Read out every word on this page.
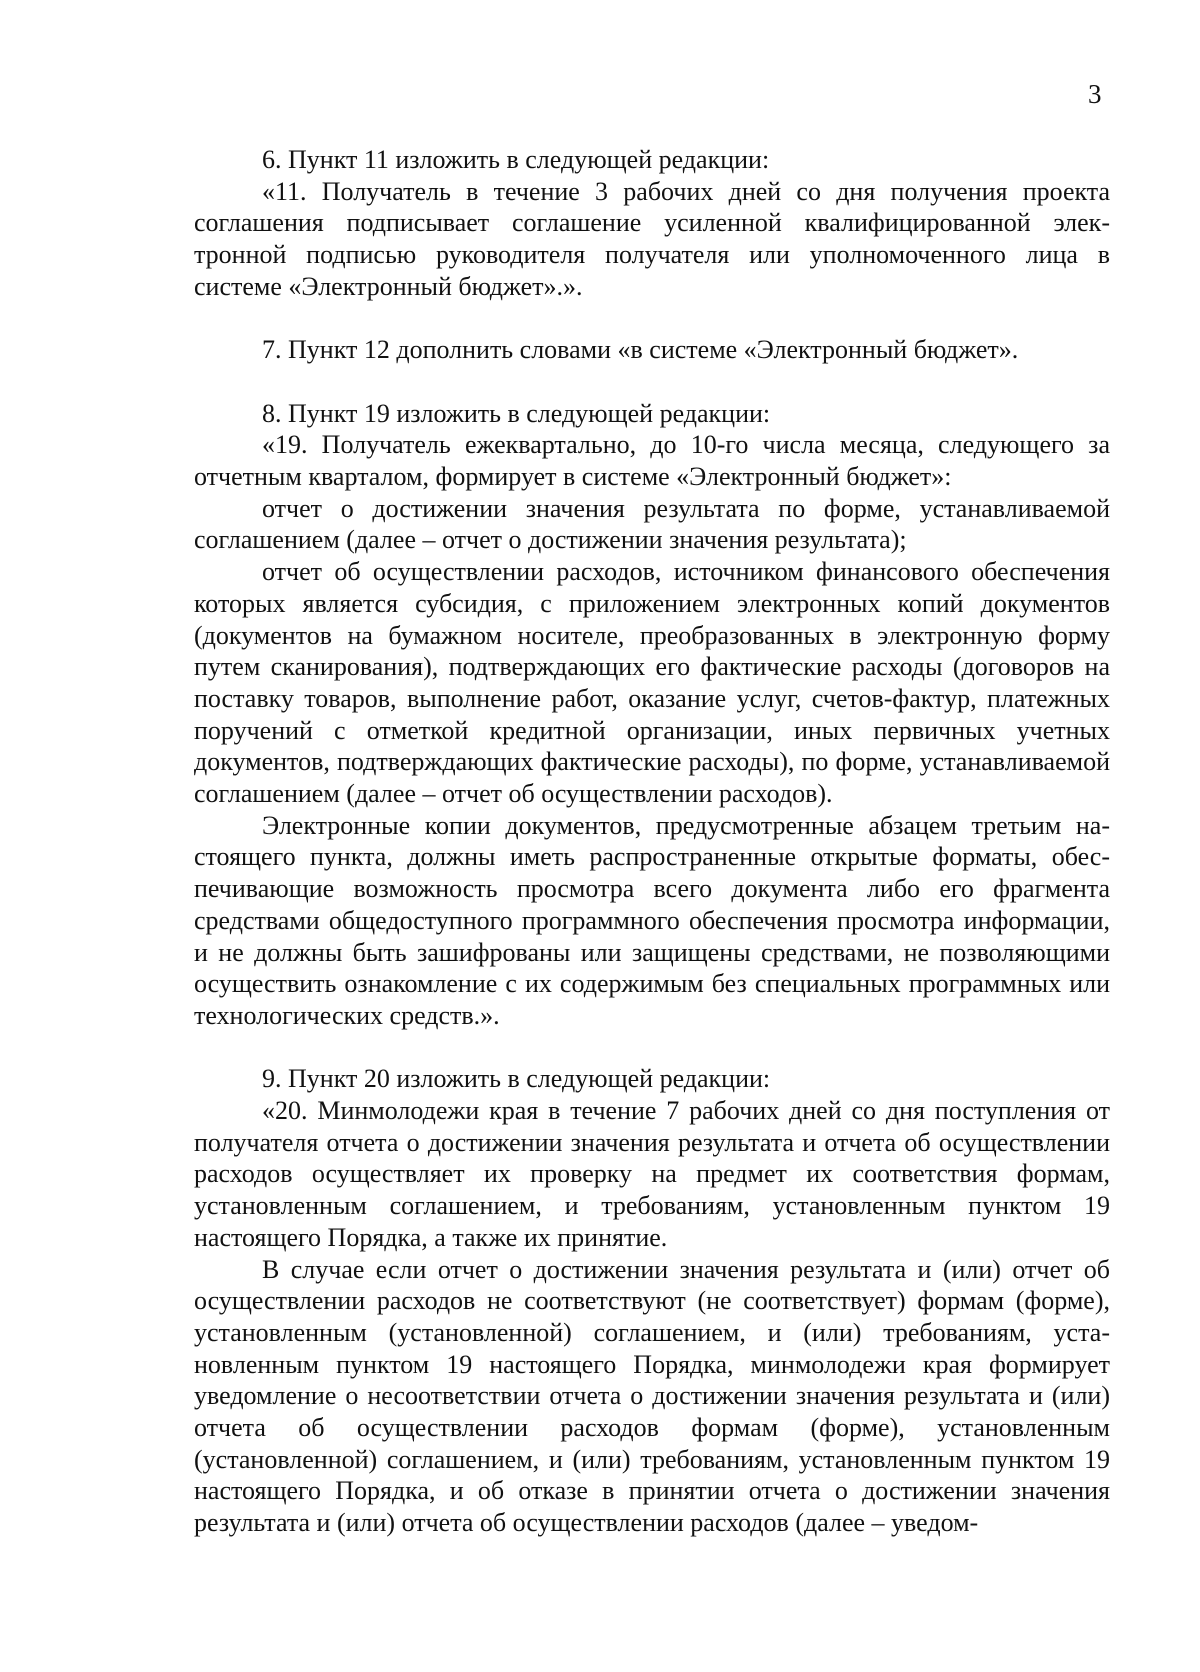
3

6. Пункт 11 изложить в следующей редакции:

«11. Получатель в течение 3 рабочих дней со дня получения проекта соглашения подписывает соглашение усиленной квалифицированной электронной подписью руководителя получателя или уполномоченного лица в системе «Электронный бюджет».».

7. Пункт 12 дополнить словами «в системе «Электронный бюджет».

8. Пункт 19 изложить в следующей редакции:

«19. Получатель ежеквартально, до 10-го числа месяца, следующего за отчетным кварталом, формирует в системе «Электронный бюджет»:

отчет о достижении значения результата по форме, устанавливаемой соглашением (далее – отчет о достижении значения результата);

отчет об осуществлении расходов, источником финансового обеспечения которых является субсидия, с приложением электронных копий документов (документов на бумажном носителе, преобразованных в электронную форму путем сканирования), подтверждающих его фактические расходы (договоров на поставку товаров, выполнение работ, оказание услуг, счетов-фактур, платежных поручений с отметкой кредитной организации, иных первичных учетных документов, подтверждающих фактические расходы), по форме, устанавливаемой соглашением (далее – отчет об осуществлении расходов).

Электронные копии документов, предусмотренные абзацем третьим настоящего пункта, должны иметь распространенные открытые форматы, обеспечивающие возможность просмотра всего документа либо его фрагмента средствами общедоступного программного обеспечения просмотра информации, и не должны быть зашифрованы или защищены средствами, не позволяющими осуществить ознакомление с их содержимым без специальных программных или технологических средств.».

9. Пункт 20 изложить в следующей редакции:

«20. Минмолодежи края в течение 7 рабочих дней со дня поступления от получателя отчета о достижении значения результата и отчета об осуществлении расходов осуществляет их проверку на предмет их соответствия формам, установленным соглашением, и требованиям, установленным пунктом 19 настоящего Порядка, а также их принятие.

В случае если отчет о достижении значения результата и (или) отчет об осуществлении расходов не соответствуют (не соответствует) формам (форме), установленным (установленной) соглашением, и (или) требованиям, установленным пунктом 19 настоящего Порядка, минмолодежи края формирует уведомление о несоответствии отчета о достижении значения результата и (или) отчета об осуществлении расходов формам (форме), установленным (установленной) соглашением, и (или) требованиям, установленным пунктом 19 настоящего Порядка, и об отказе в принятии отчета о достижении значения результата и (или) отчета об осуществлении расходов (далее – уведом-
